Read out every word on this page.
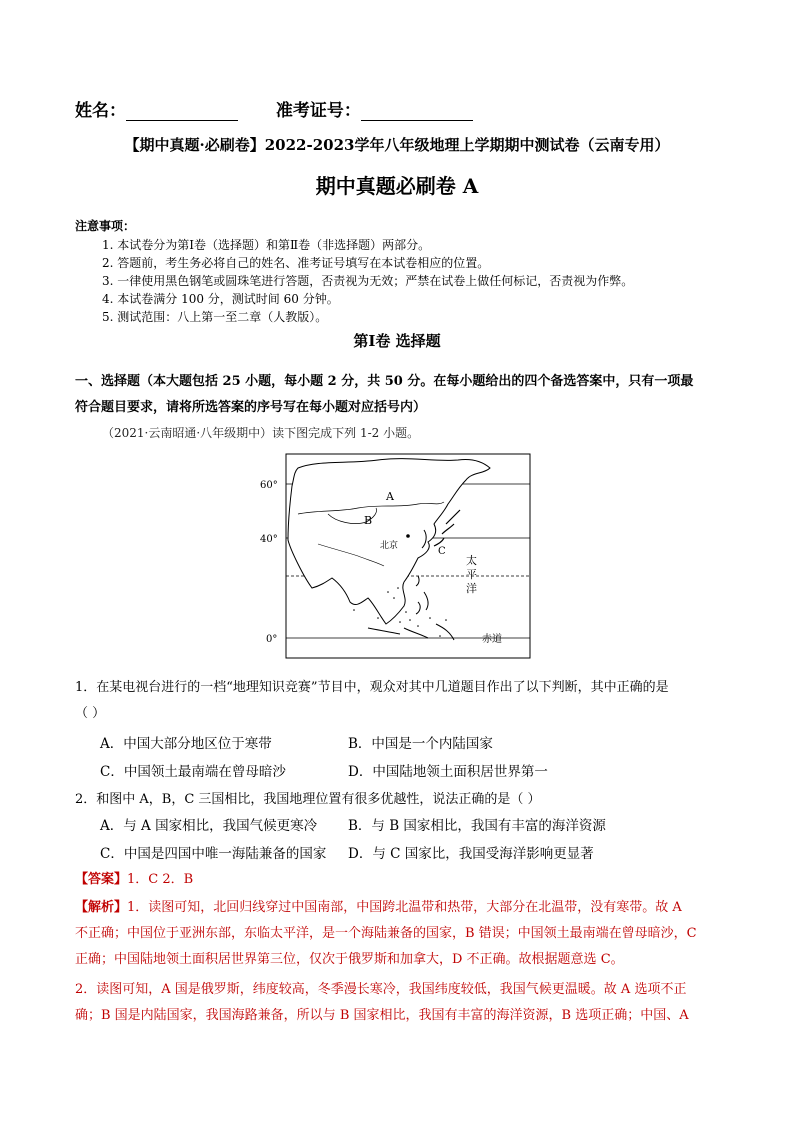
姓名：	准考证号：
【期中真题·必刷卷】2022-2023学年八年级地理上学期期中测试卷（云南专用）
期中真题必刷卷 A
注意事项：
1. 本试卷分为第Ⅰ卷（选择题）和第Ⅱ卷（非选择题）两部分。
2. 答题前，考生务必将自己的姓名、准考证号填写在本试卷相应的位置。
3. 一律使用黑色钢笔或圆珠笔进行答题，否责视为无效；严禁在试卷上做任何标记，否责视为作弊。
4. 本试卷满分 100 分，测试时间 60 分钟。
5. 测试范围：八上第一至二章（人教版）。
第Ⅰ卷 选择题
一、选择题（本大题包括 25 小题，每小题 2 分，共 50 分。在每小题给出的四个备选答案中，只有一项最
符合题目要求，请将所选答案的序号写在每小题对应括号内）
（2021·云南昭通·八年级期中）读下图完成下列 1-2 小题。
60°
40°
0°
A
B
C
北京
太
平
洋
赤道
1．在某电视台进行的一档“地理知识竞赛”节目中，观众对其中几道题目作出了以下判断，其中正确的是
（ ）
A．中国大部分地区位于寒带	B．中国是一个内陆国家
C．中国领土最南端在曾母暗沙	D．中国陆地领土面积居世界第一
2．和图中 A，B，C 三国相比，我国地理位置有很多优越性，说法正确的是（ ）
A．与 A 国家相比，我国气候更寒冷 B．与 B 国家相比，我国有丰富的海洋资源
C．中国是四国中唯一海陆兼备的国家 D．与 C 国家比，我国受海洋影响更显著
【答案】1．C 2．B
【解析】1．读图可知，北回归线穿过中国南部，中国跨北温带和热带，大部分在北温带，没有寒带。故 A
不正确；中国位于亚洲东部，东临太平洋，是一个海陆兼备的国家，B 错误；中国领土最南端在曾母暗沙，C
正确；中国陆地领土面积居世界第三位，仅次于俄罗斯和加拿大，D 不正确。故根据题意选 C。
2．读图可知，A 国是俄罗斯，纬度较高，冬季漫长寒冷，我国纬度较低，我国气候更温暖。故 A 选项不正
确；B 国是内陆国家，我国海路兼备，所以与 B 国家相比，我国有丰富的海洋资源，B 选项正确；中国、A
